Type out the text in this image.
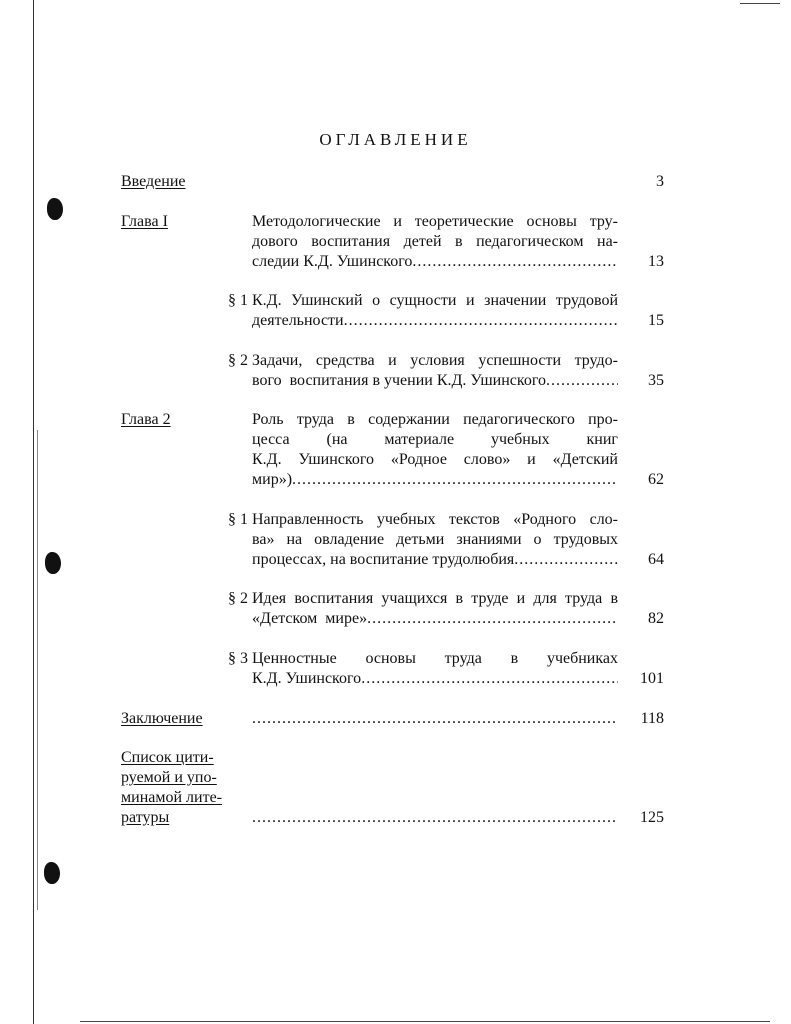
ОГЛАВЛЕНИЕ
Введение	3
Глава I	Методологические и теоретические основы тру-
дового воспитания детей в педагогическом на-
следии К.Д. Ушинского .....	13
§ 1 К.Д. Ушинский о сущности и значении трудовой
деятельности .....	15
§ 2 Задачи, средства и условия успешности трудо-
вого  воспитания в учении К.Д. Ушинского .....	35
Глава 2	Роль труда в содержании педагогического про-
цесса (на материале учебных книг
К.Д. Ушинского «Родное слово» и «Детский
мир») .....	62
§ 1 Направленность учебных текстов «Родного сло-
ва» на овладение детьми знаниями о трудовых
процессах, на воспитание трудолюбия .....	64
§ 2 Идея воспитания учащихся в труде и для труда в
«Детском  мире» .....	82
§ 3 Ценностные основы труда в учебниках
К.Д. Ушинского .....	101
Заключение .....	118
Список цити-
руемой и упо-
минамой лите-
ратуры .....	125
